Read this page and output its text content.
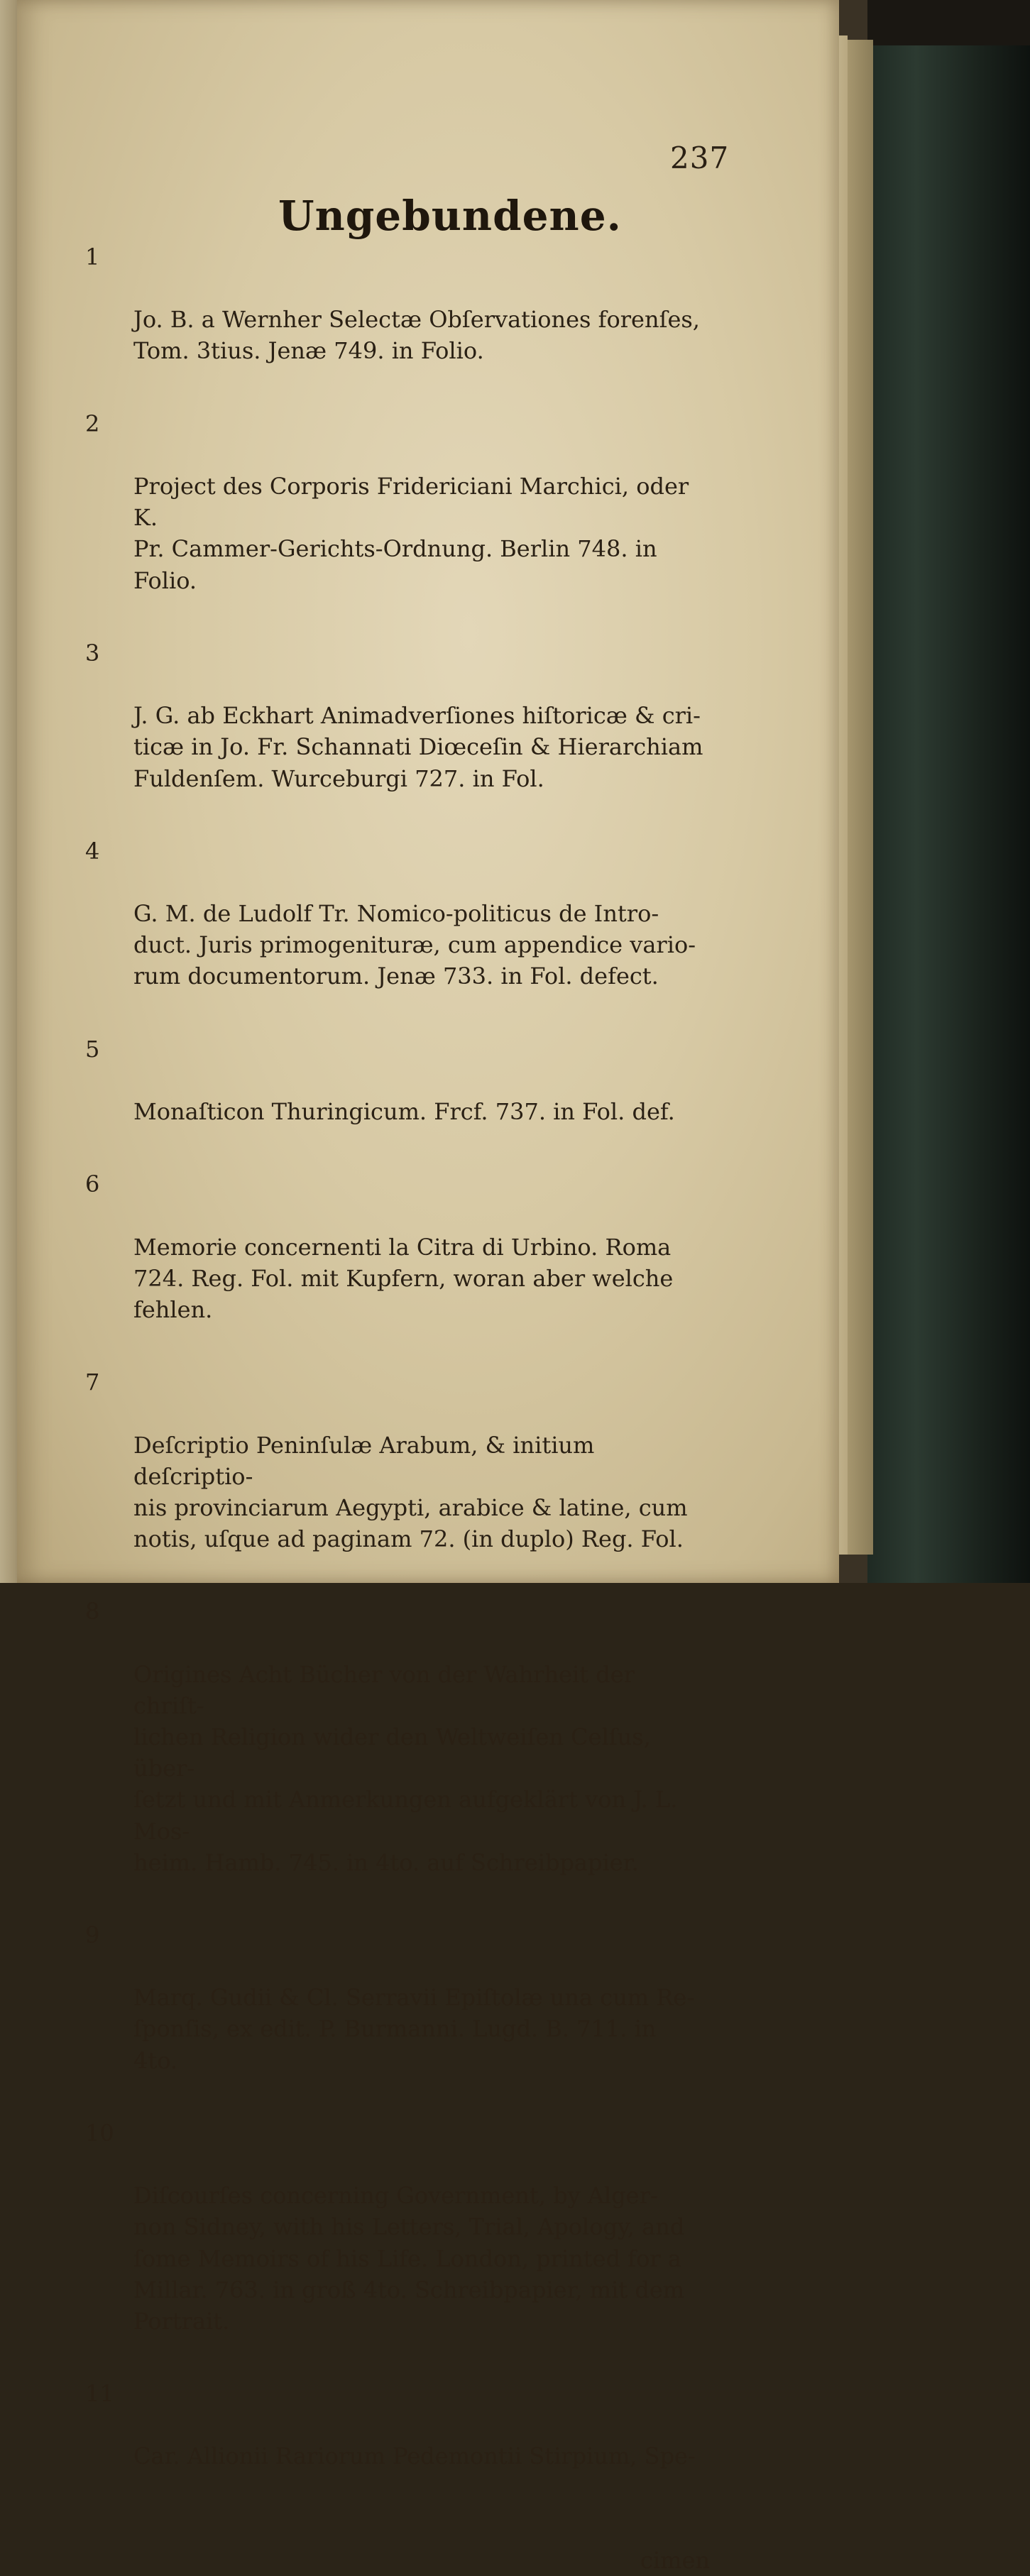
237
Ungebundene.

1

Jo. B. a Wernher Selectæ Obſervationes forenſes,
Tom. 3tius. Jenæ 749. in Folio.

2

Project des Corporis Fridericiani Marchici, oder K.
Pr. Cammer-Gerichts-Ordnung. Berlin 748. in
Folio.

3

J. G. ab Eckhart Animadverſiones hiſtoricæ & cri-
ticæ in Jo. Fr. Schannati Diœceſin & Hierarchiam
Fuldenſem. Wurceburgi 727. in Fol.

4

G. M. de Ludolf Tr. Nomico-politicus de Intro-
duct. Juris primogenituræ, cum appendice vario-
rum documentorum. Jenæ 733. in Fol. defect.

5

Monaſticon Thuringicum. Frcf. 737. in Fol. def.

6

Memorie concernenti la Citra di Urbino. Roma
724. Reg. Fol. mit Kupfern, woran aber welche
fehlen.

7

Deſcriptio Peninſulæ Arabum, & initium deſcriptio-
nis provinciarum Aegypti, arabice & latine, cum
notis, uſque ad paginam 72. (in duplo) Reg. Fol.

8

Origines Acht Bücher von der Wahrheit der chriſt-
lichen Religion wider den Weltweiſen Celſus, über-
ſetzt und mit Anmerkungen aufgeklärt von J. L. Mos-
heim. Hamb. 745. in 4to. auf Schreibpapier.

9

Marq. Gudii & Cl. Serravii Epiſtolæ una cum Re-
ſponſis, ex edit. P. Burmanni. Lugd. B. 711. in
4to.

10

Diſcourſes concerning Government, by Alger-
non Sidney, with his Letters, Trial, Apology, and
ſome Memoirs of his Life. London, printed for a
Millar. 763. in groß 4to. Schreibpapier, mit dem
Portrait.

11

Car. Allionii Rariorum Pedemontii Stirpium, Spe-

cimen
